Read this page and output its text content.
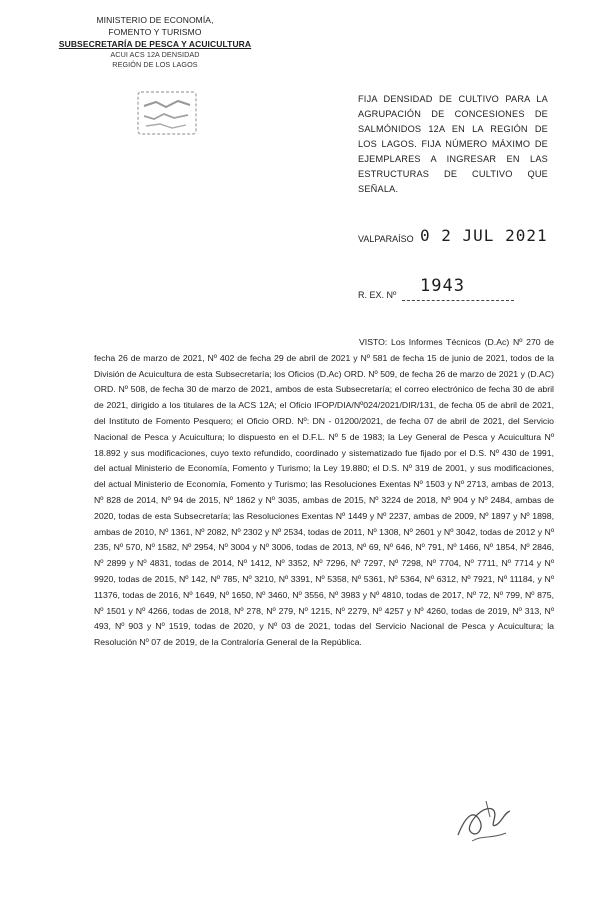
MINISTERIO DE ECONOMÍA,
FOMENTO Y TURISMO
SUBSECRETARÍA DE PESCA Y ACUICULTURA
ACUI ACS 12A DENSIDAD
REGIÓN DE LOS LAGOS
FIJA DENSIDAD DE CULTIVO PARA LA AGRUPACIÓN DE CONCESIONES DE SALMÓNIDOS 12A EN LA REGIÓN DE LOS LAGOS. FIJA NÚMERO MÁXIMO DE EJEMPLARES A INGRESAR EN LAS ESTRUCTURAS DE CULTIVO QUE SEÑALA.
VALPARAÍSO 0 2 JUL 2021
R. EX. Nº 1943

VISTO: Los Informes Técnicos (D.Ac) Nº 270 de fecha 26 de marzo de 2021, Nº 402 de fecha 29 de abril de 2021 y Nº 581 de fecha 15 de junio de 2021, todos de la División de Acuicultura de esta Subsecretaría; los Oficios (D.Ac) ORD. Nº 509, de fecha 26 de marzo de 2021 y (D.AC) ORD. Nº 508, de fecha 30 de marzo de 2021, ambos de esta Subsecretaría; el correo electrónico de fecha 30 de abril de 2021, dirigido a los titulares de la ACS 12A; el Oficio IFOP/DIA/Nº024/2021/DIR/131, de fecha 05 de abril de 2021, del Instituto de Fomento Pesquero; el Oficio ORD. Nº: DN - 01200/2021, de fecha 07 de abril de 2021, del Servicio Nacional de Pesca y Acuicultura; lo dispuesto en el D.F.L. Nº 5 de 1983; la Ley General de Pesca y Acuicultura Nº 18.892 y sus modificaciones, cuyo texto refundido, coordinado y sistematizado fue fijado por el D.S. Nº 430 de 1991, del actual Ministerio de Economía, Fomento y Turismo; la Ley 19.880; el D.S. Nº 319 de 2001, y sus modificaciones, del actual Ministerio de Economía, Fomento y Turismo; las Resoluciones Exentas Nº 1503 y Nº 2713, ambas de 2013, Nº 828 de 2014, Nº 94 de 2015, Nº 1862 y Nº 3035, ambas de 2015, Nº 3224 de 2018, Nº 904 y Nº 2484, ambas de 2020, todas de esta Subsecretaría; las Resoluciones Exentas Nº 1449 y Nº 2237, ambas de 2009, Nº 1897 y Nº 1898, ambas de 2010, Nº 1361, Nº 2082, Nº 2302 y Nº 2534, todas de 2011, Nº 1308, Nº 2601 y Nº 3042, todas de 2012 y Nº 235, Nº 570, Nº 1582, Nº 2954, Nº 3004 y Nº 3006, todas de 2013, Nº 69, Nº 646, Nº 791, Nº 1466, Nº 1854, Nº 2846, Nº 2899 y Nº 4831, todas de 2014, Nº 1412, Nº 3352, Nº 7296, Nº 7297, Nº 7298, Nº 7704, Nº 7711, Nº 7714 y Nº 9920, todas de 2015, Nº 142, Nº 785, Nº 3210, Nº 3391, Nº 5358, Nº 5361, Nº 5364, Nº 6312, Nº 7921, Nº 11184, y Nº 11376, todas de 2016, Nº 1649, Nº 1650, Nº 3460, Nº 3556, Nº 3983 y Nº 4810, todas de 2017, Nº 72, Nº 799, Nº 875, Nº 1501 y Nº 4266, todas de 2018, Nº 278, Nº 279, Nº 1215, Nº 2279, Nº 4257 y Nº 4260, todas de 2019, Nº 313, Nº 493, Nº 903 y Nº 1519, todas de 2020, y Nº 03 de 2021, todas del Servicio Nacional de Pesca y Acuicultura; la Resolución Nº 07 de 2019, de la Contraloría General de la República.
